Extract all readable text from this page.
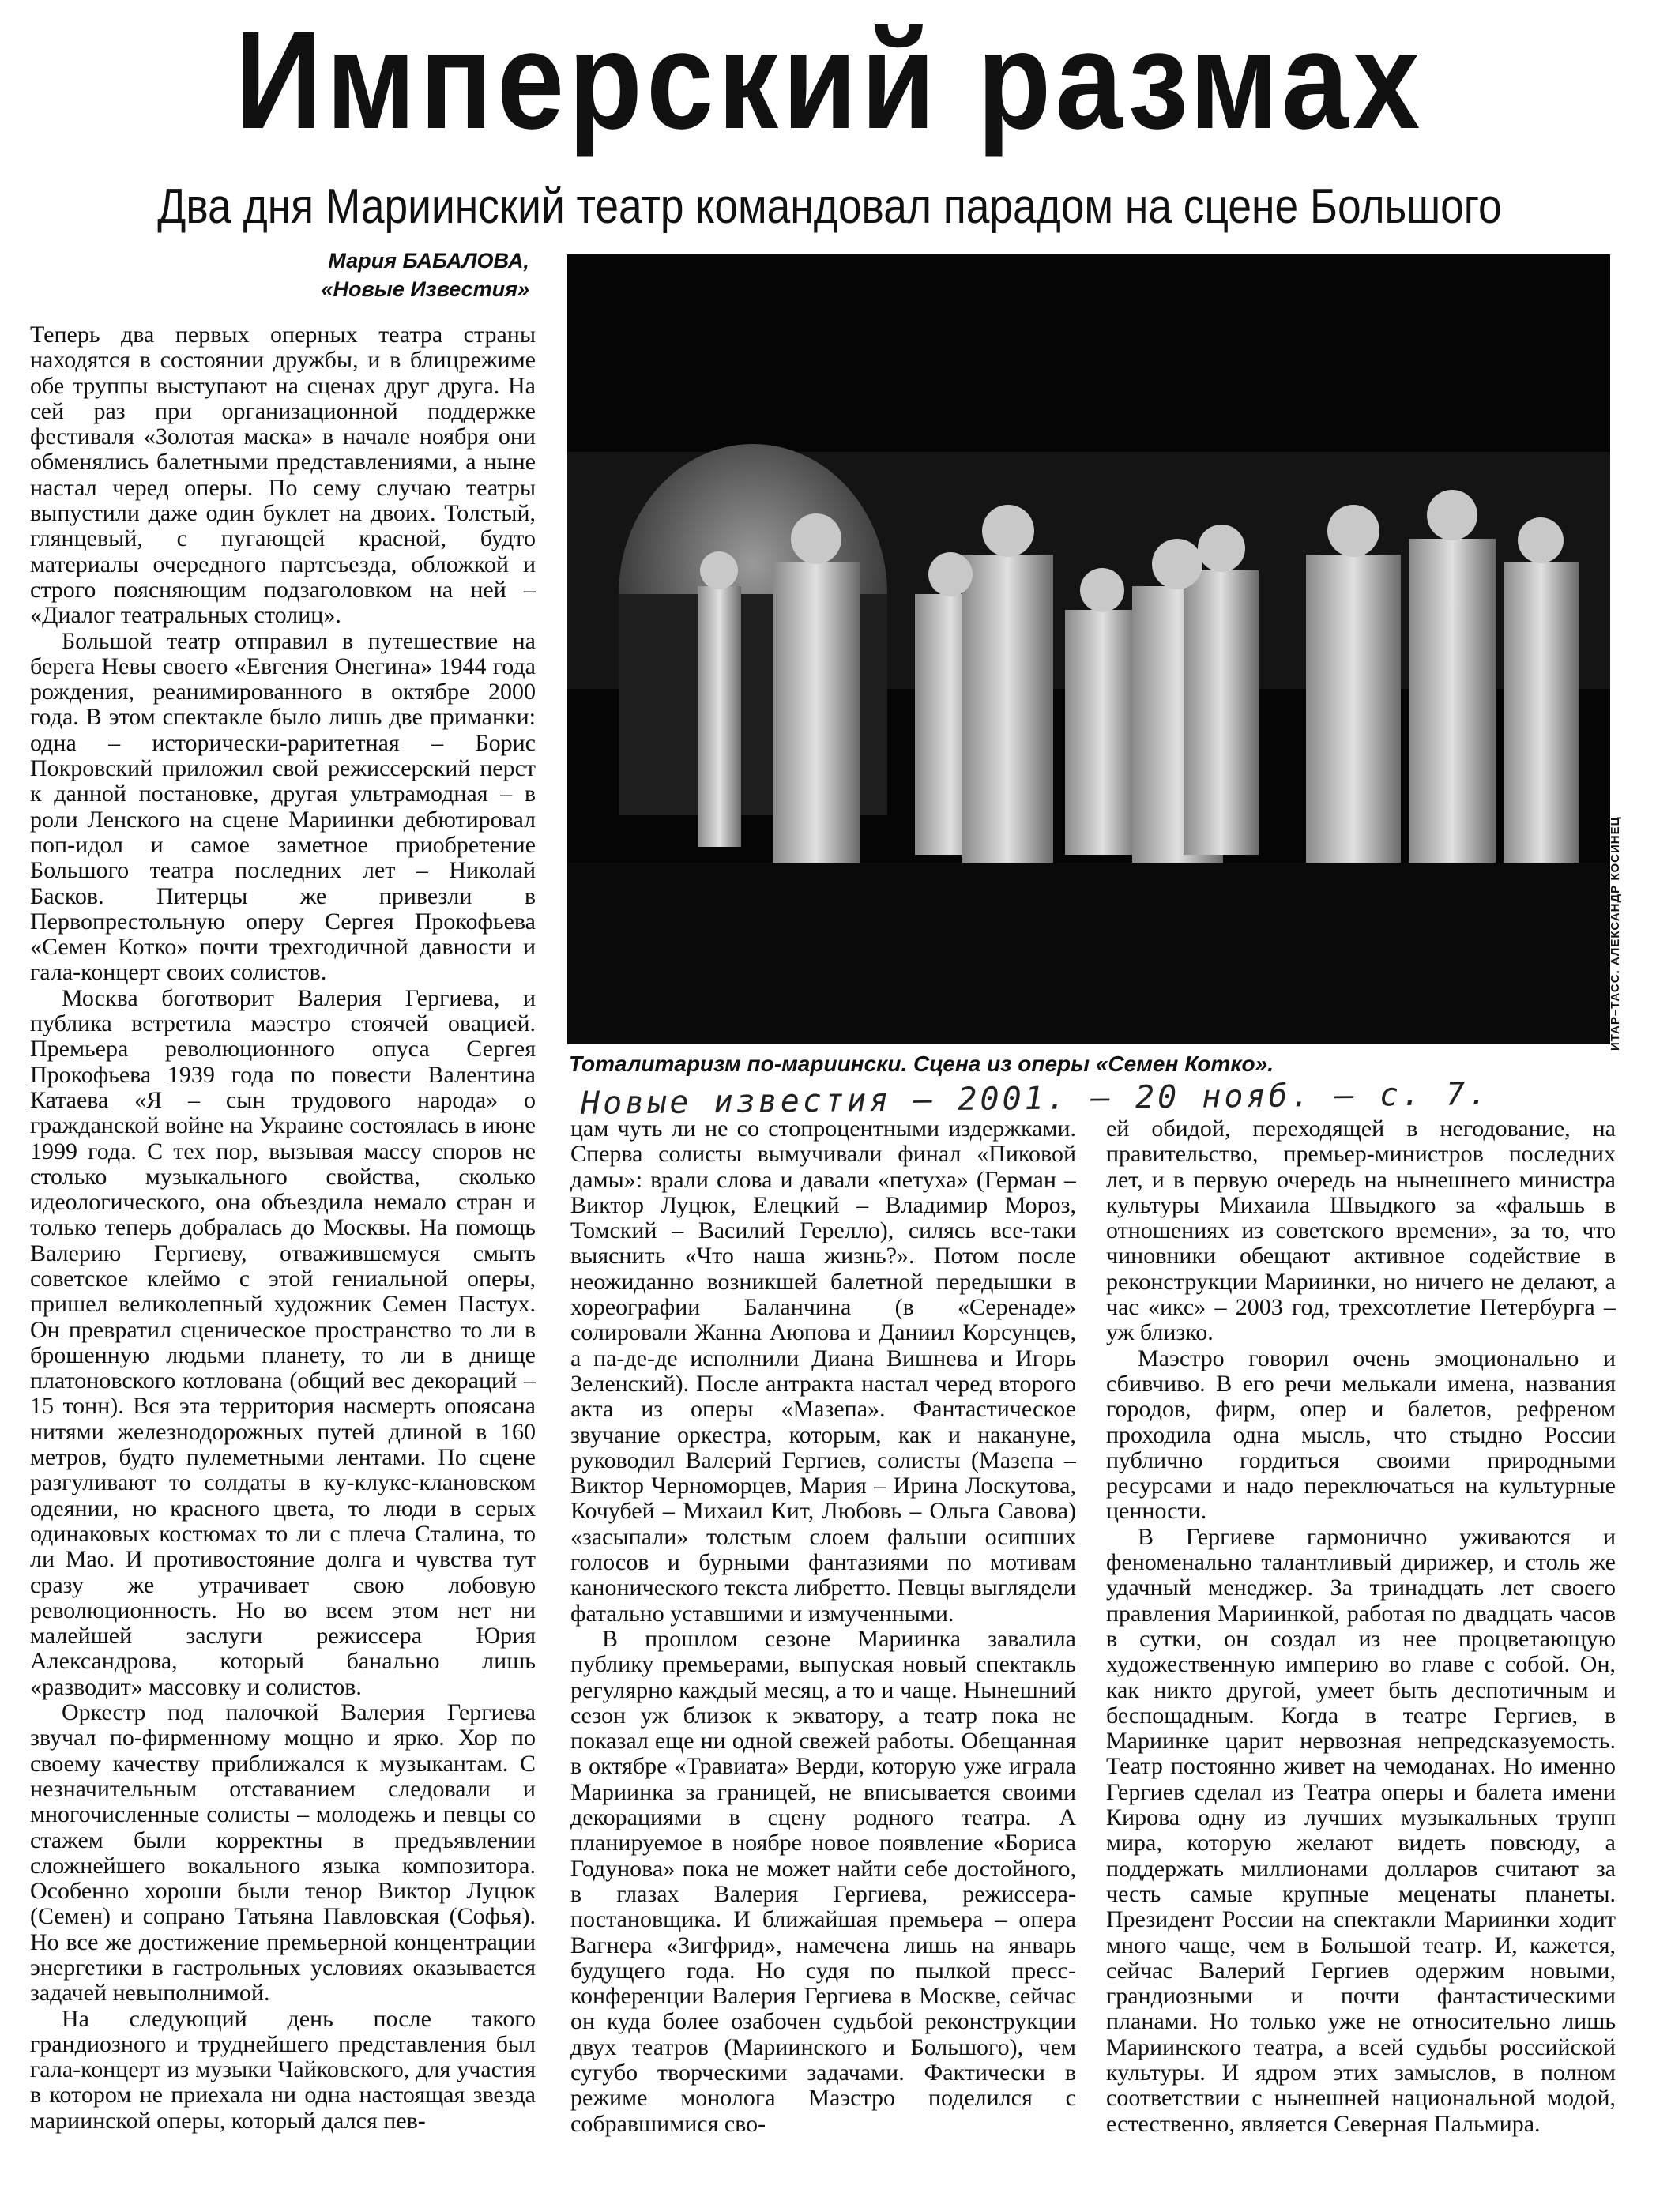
Имперский размах
Два дня Мариинский театр командовал парадом на сцене Большого
Мария БАБАЛОВА,
«Новые Известия»
ИТАР–ТАСС. АЛЕКСАНДР КОСИНЕЦ
Тоталитаризм по-мариински. Сцена из оперы «Семен Котко».
Новые известия – 2001. – 20 нояб. – с. 7.

Теперь два первых оперных театра страны находятся в состоянии дружбы, и в блицрежиме обе труппы выступают на сценах друг друга. На сей раз при организационной поддержке фестиваля «Золотая маска» в начале ноября они обменялись балетными представлениями, а ныне настал черед оперы. По сему случаю театры выпустили даже один буклет на двоих. Толстый, глянцевый, с пугающей красной, будто материалы очередного партсъезда, обложкой и строго поясняющим подзаголовком на ней – «Диалог театральных столиц».

Большой театр отправил в путешествие на берега Невы своего «Евгения Онегина» 1944 года рождения, реанимированного в октябре 2000 года. В этом спектакле было лишь две приманки: одна – исторически-раритетная – Борис Покровский приложил свой режиссерский перст к данной постановке, другая ультрамодная – в роли Ленского на сцене Мариинки дебютировал поп-идол и самое заметное приобретение Большого театра последних лет – Николай Басков. Питерцы же привезли в Первопрестольную оперу Сергея Прокофьева «Семен Котко» почти трехгодичной давности и гала-концерт своих солистов.

Москва боготворит Валерия Гергиева, и публика встретила маэстро стоячей овацией. Премьера революционного опуса Сергея Прокофьева 1939 года по повести Валентина Катаева «Я – сын трудового народа» о гражданской войне на Украине состоялась в июне 1999 года. С тех пор, вызывая массу споров не столько музыкального свойства, сколько идеологического, она объездила немало стран и только теперь добралась до Москвы. На помощь Валерию Гергиеву, отважившемуся смыть советское клеймо с этой гениальной оперы, пришел великолепный художник Семен Пастух. Он превратил сценическое пространство то ли в брошенную людьми планету, то ли в днище платоновского котлована (общий вес декораций – 15 тонн). Вся эта территория насмерть опоясана нитями железнодорожных путей длиной в 160 метров, будто пулеметными лентами. По сцене разгуливают то солдаты в ку-клукс-клановском одеянии, но красного цвета, то люди в серых одинаковых костюмах то ли с плеча Сталина, то ли Мао. И противостояние долга и чувства тут сразу же утрачивает свою лобовую революционность. Но во всем этом нет ни малейшей заслуги режиссера Юрия Александрова, который банально лишь «разводит» массовку и солистов.

Оркестр под палочкой Валерия Гергиева звучал по-фирменному мощно и ярко. Хор по своему качеству приближался к музыкантам. С незначительным отставанием следовали и многочисленные солисты – молодежь и певцы со стажем были корректны в предъявлении сложнейшего вокального языка композитора. Особенно хороши были тенор Виктор Луцюк (Семен) и сопрано Татьяна Павловская (Софья). Но все же достижение премьерной концентрации энергетики в гастрольных условиях оказывается задачей невыполнимой.

На следующий день после такого грандиозного и труднейшего представления был гала-концерт из музыки Чайковского, для участия в котором не приехала ни одна настоящая звезда мариинской оперы, который дался пев-

цам чуть ли не со стопроцентными издержками. Сперва солисты вымучивали финал «Пиковой дамы»: врали слова и давали «петуха» (Герман – Виктор Луцюк, Елецкий – Владимир Мороз, Томский – Василий Герелло), силясь все-таки выяснить «Что наша жизнь?». Потом после неожиданно возникшей балетной передышки в хореографии Баланчина (в «Серенаде» солировали Жанна Аюпова и Даниил Корсунцев, а па-де-де исполнили Диана Вишнева и Игорь Зеленский). После антракта настал черед второго акта из оперы «Мазепа». Фантастическое звучание оркестра, которым, как и накануне, руководил Валерий Гергиев, солисты (Мазепа – Виктор Черноморцев, Мария – Ирина Лоскутова, Кочубей – Михаил Кит, Любовь – Ольга Савова) «засыпали» толстым слоем фальши осипших голосов и бурными фантазиями по мотивам канонического текста либретто. Певцы выглядели фатально уставшими и измученными.

В прошлом сезоне Мариинка завалила публику премьерами, выпуская новый спектакль регулярно каждый месяц, а то и чаще. Нынешний сезон уж близок к экватору, а театр пока не показал еще ни одной свежей работы. Обещанная в октябре «Травиата» Верди, которую уже играла Мариинка за границей, не вписывается своими декорациями в сцену родного театра. А планируемое в ноябре новое появление «Бориса Годунова» пока не может найти себе достойного, в глазах Валерия Гергиева, режиссера-постановщика. И ближайшая премьера – опера Вагнера «Зигфрид», намечена лишь на январь будущего года. Но судя по пылкой пресс-конференции Валерия Гергиева в Москве, сейчас он куда более озабочен судьбой реконструкции двух театров (Мариинского и Большого), чем сугубо творческими задачами. Фактически в режиме монолога Маэстро поделился с собравшимися сво-

ей обидой, переходящей в негодование, на правительство, премьер-министров последних лет, и в первую очередь на нынешнего министра культуры Михаила Швыдкого за «фальшь в отношениях из советского времени», за то, что чиновники обещают активное содействие в реконструкции Мариинки, но ничего не делают, а час «икс» – 2003 год, трехсотлетие Петербурга – уж близко.

Маэстро говорил очень эмоционально и сбивчиво. В его речи мелькали имена, названия городов, фирм, опер и балетов, рефреном проходила одна мысль, что стыдно России публично гордиться своими природными ресурсами и надо переключаться на культурные ценности.

В Гергиеве гармонично уживаются и феноменально талантливый дирижер, и столь же удачный менеджер. За тринадцать лет своего правления Мариинкой, работая по двадцать часов в сутки, он создал из нее процветающую художественную империю во главе с собой. Он, как никто другой, умеет быть деспотичным и беспощадным. Когда в театре Гергиев, в Мариинке царит нервозная непредсказуемость. Театр постоянно живет на чемоданах. Но именно Гергиев сделал из Театра оперы и балета имени Кирова одну из лучших музыкальных трупп мира, которую желают видеть повсюду, а поддержать миллионами долларов считают за честь самые крупные меценаты планеты. Президент России на спектакли Мариинки ходит много чаще, чем в Большой театр. И, кажется, сейчас Валерий Гергиев одержим новыми, грандиозными и почти фантастическими планами. Но только уже не относительно лишь Мариинского театра, а всей судьбы российской культуры. И ядром этих замыслов, в полном соответствии с нынешней национальной модой, естественно, является Северная Пальмира.
